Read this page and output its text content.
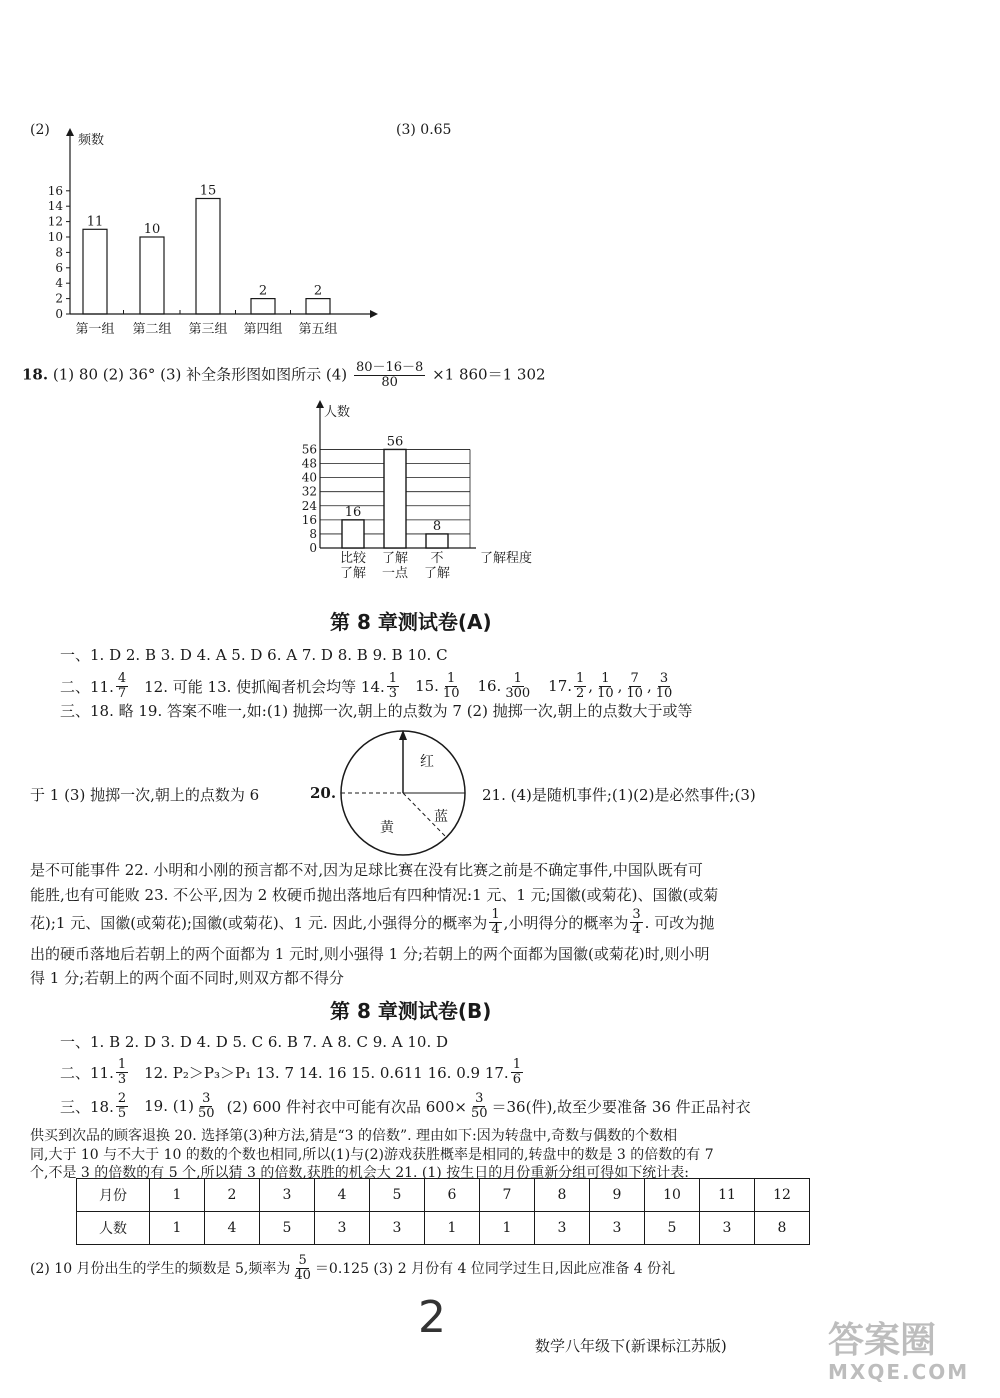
(2)	(3) 0.65
频数
0
2
4
6
8
10
12
14
16
11
第一组
10
第二组
15
第三组
2
第四组
2
第五组
18. (1) 80 (2) 36° (3) 补全条形图如图所示 $(4) \frac{80-16-8}{80} \times 1$ 860＝1 302
0
8
16
24
32
40
48
56
人数
了解程度
16
比较
了解
56
了解
一点
8
不
了解
第 8 章测试卷(A)
一、1. D 2. B 3. D 4. A 5. D 6. A 7. D 8. B 9. B 10. C
二、11. $\frac{4}{7} 12$. 可能 13. 使抓阄者机会均等 14. $\frac{1}{3} 15$. $\frac{1}{10} 16$. $\frac{1}{300} 17$. $\frac{1}{2}$ , $\frac{1}{10}$ , $\frac{7}{10}$ , $\frac{3}{10}$
三、18. 略 19. 答案不唯一,如:(1) 抛掷一次,朝上的点数为 7 (2) 抛掷一次,朝上的点数大于或等
于 1 (3) 抛掷一次,朝上的点数为 6	20.
红
蓝
黄
21. (4)是随机事件;(1)(2)是必然事件;(3)
是不可能事件 22. 小明和小刚的预言都不对,因为足球比赛在没有比赛之前是不确定事件,中国队既有可
能胜,也有可能败 23. 不公平,因为 2 枚硬币抛出落地后有四种情况:1 元、1 元;国徽(或菊花)、国徽(或菊
花);1 元、国徽(或菊花);国徽(或菊花)、1 元. 因此,小强得分的概率为 $\frac{1}{4}$ ,小明得分的概率为 $\frac{3}{4}$ . 可改为抛
出的硬币落地后若朝上的两个面都为 1 元时,则小强得 1 分;若朝上的两个面都为国徽(或菊花)时,则小明
得 1 分;若朝上的两个面不同时,则双方都不得分
第 8 章测试卷(B)
一、1. B 2. D 3. D 4. D 5. C 6. B 7. A 8. C 9. A 10. D
二、11. $\frac{1}{3} 12$. P₂＞P₃＞P₁ 13. 7 14. 16 15. 0.611 16. 0.9 17. $\frac{1}{6}$
三、18. $\frac{2}{5} 19$. $(1) \frac{3}{50} (2)$ 600 件衬衣中可能有次品 $600\times \frac{3}{50} =36$(件),故至少要准备 36 件正品衬衣
供买到次品的顾客退换 20. 选择第(3)种方法,猜是“3 的倍数”. 理由如下:因为转盘中,奇数与偶数的个数相
同,大于 10 与不大于 10 的数的个数也相同,所以(1)与(2)游戏获胜概率是相同的,转盘中的数是 3 的倍数的有 7
个,不是 3 的倍数的有 5 个,所以猜 3 的倍数,获胜的机会大 21. (1) 按生日的月份重新分组可得如下统计表:
月份	1	2	3	4	5	6	7	8	9	10	11	12
人数	1	4	5	3	3	1	1	3	3	5	3	8
(2) 10 月份出生的学生的频数是 5,频率为 $\frac{5}{40} =0.125$ (3) 2 月份有 4 位同学过生日,因此应准备 4 份礼
2
数学八年级下(新课标江苏版)	答案圈
MXQE.COM
